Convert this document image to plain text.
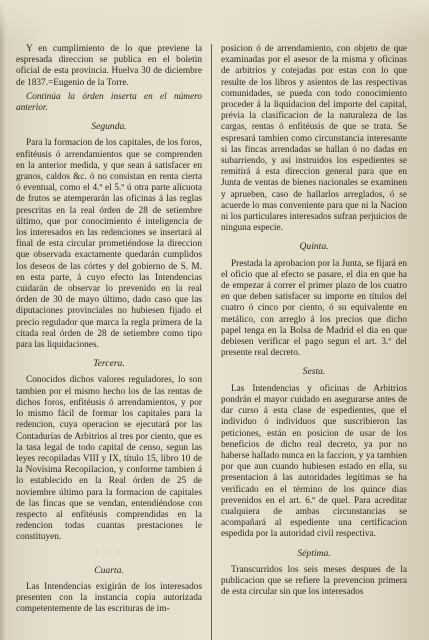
Y en cumplimiento de lo que previene la espresada direccion se publica en el boletin oficial de esta provincia. Huelva 30 de diciembre de 1837.=Eugenio de la Torre.

Continúa la órden inserta en el número anterior.

Segunda.

Para la formacion de los capitales, de los foros, enfitéusis ó arrendamientos que se comprenden en la anterior medida, y que sean á satisfacer en granos, caldos &c. ó no consistan en renta cierta ó eventual, como el 4.º el 5.º ú otra parte alícuota de frutos se atemperarán las oficinas á las reglas prescritas en la real órden de 28 de setiembre último, que por conocimiento é inteligencia de los interesados en las redenciones se insertará al final de esta circular prometiéndose la direccion que observada exactamente quedarán cumplidos los deseos de las córtes y del gobierno de S. M. en esta parte, á cuyo efecto las Intendencias cuidarán de observar lo prevenido en la real órden de 30 de mayo último, dado caso que las diputaciones provinciales no hubiesen fijado el precio regulador que marca la regla primera de la citada real órden de 28 de setiembre como tipo para las liquidaciones.

Tercera.

Conocidos dichos valores reguladores, lo son tambien por el mismo hecho los de las rentas de dichos foros, enfitéusis ó arrendamientos, y por lo mismo fácil de formar los capitales para la redencion, cuya operacion se ejecutará por las Contadurías de Arbitrios al tres por ciento, que es la tasa legal de todo capital de censo, segun las leyes recopiladas VIII y IX, título 15, libro 10 de la Novísima Recopilacion, y conforme tambien á lo establecido en la Real órden de 25 de noviembre último para la formacion de capitales de las fincas que se vendan, entendiéndose con respecto al enfitéusis comprendidas en la redencion todas cuantas prestaciones le constituyen.

· · ·
Cuarta.

Las Intendencias exigirán de los interesados presenten con la instancia copia autorizada competentemente de las escrituras de im-

posicion ó de arrendamiento, con objeto de que examinadas por el asesor de la misma y oficinas de arbitrios y cotejadas por estas con lo que resulte de los libros y asientos de las respectivas comunidades, se pueda con todo conocimiento proceder á la liquidacion del importe del capital, prévia la clasificacion de la naturaleza de las cargas, rentas ó enfitéusis de que se trata. Se espresará tambien como circunstancia interesante si las fincas arrendadas se hallan ó no dadas en subarriendo, y así instruidos los espedientes se remitirá á esta direccion general para que en Junta de ventas de bienes nacionales se examinen y aprueben, caso de hallarlos arreglados, ó se acuerde lo mas conveniente para que ni la Nacion ni los particulares interesados sufran perjuicios de ninguna especie.

Quinta.

Prestada la aprobacion por la Junta, se fijará en el oficio que al efecto se pasare, el dia en que ha de empezar á correr el primer plazo de los cuatro en que deben satisfacer su importe en títulos del cuatro ó cinco por ciento, ó su equivalente en metálico, con arreglo á los precios que dicho papel tenga en la Bolsa de Madrid el dia en que debiesen verificar el pago segun el art. 3.º del presente real decreto.

Sesta.

Las Intendencias y oficinas de Arbitrios pondrán el mayor cuidado en asegurarse antes de dar curso á esta clase de espedientes, que el individuo ó individuos que suscribieron las peticiones, están en posicion de usar de los beneficios de dicho real decreto, ya por no haberse hallado nunca en la faccion, y ya tambien por que aun cuando hubiesen estado en ella, su presentacion á las autoridades legítimas se ha verificado en el término de los quince dias prevenidos en el art. 6.º de quel. Para acreditar cualquiera de ambas circunstancias se acompañará al espediente una certificacion espedida por la autoridad civil respectiva.

Séptima.

Transcurridos los seis meses despues de la publicacion que se refiere la prevencion primera de esta circular sin que los interesados
